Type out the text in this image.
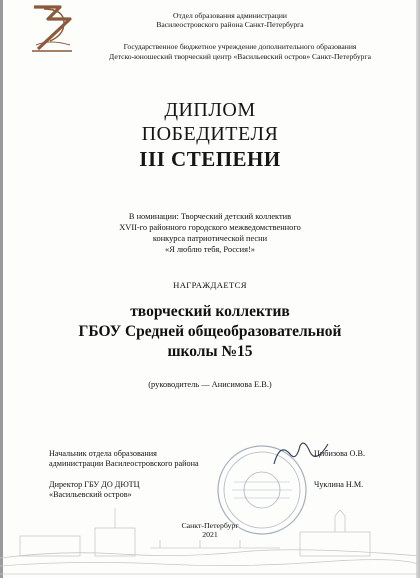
Отдел образования администрации
Василеостровского района Санкт-Петербурга
Государственное бюджетное учреждение дополнительного образования
Детско-юношеский творческий центр «Васильевский остров» Санкт-Петербурга
ДИПЛОМ
ПОБЕДИТЕЛЯ
III СТЕПЕНИ
В номинации: Творческий детский коллектив
XVII-го районного городского межведомственного
конкурса патриотической песни
«Я люблю тебя, Россия!»
НАГРАЖДАЕТСЯ
творческий коллектив
ГБОУ Средней общеобразовательной
школы №15
(руководитель — Анисимова Е.В.)
Начальник отдела образования
администрации Василеостровского района
Цибизова О.В.
Директор ГБУ ДО ДЮТЦ
«Васильевский остров»
Чуклина Н.М.
Санкт-Петербург
2021
